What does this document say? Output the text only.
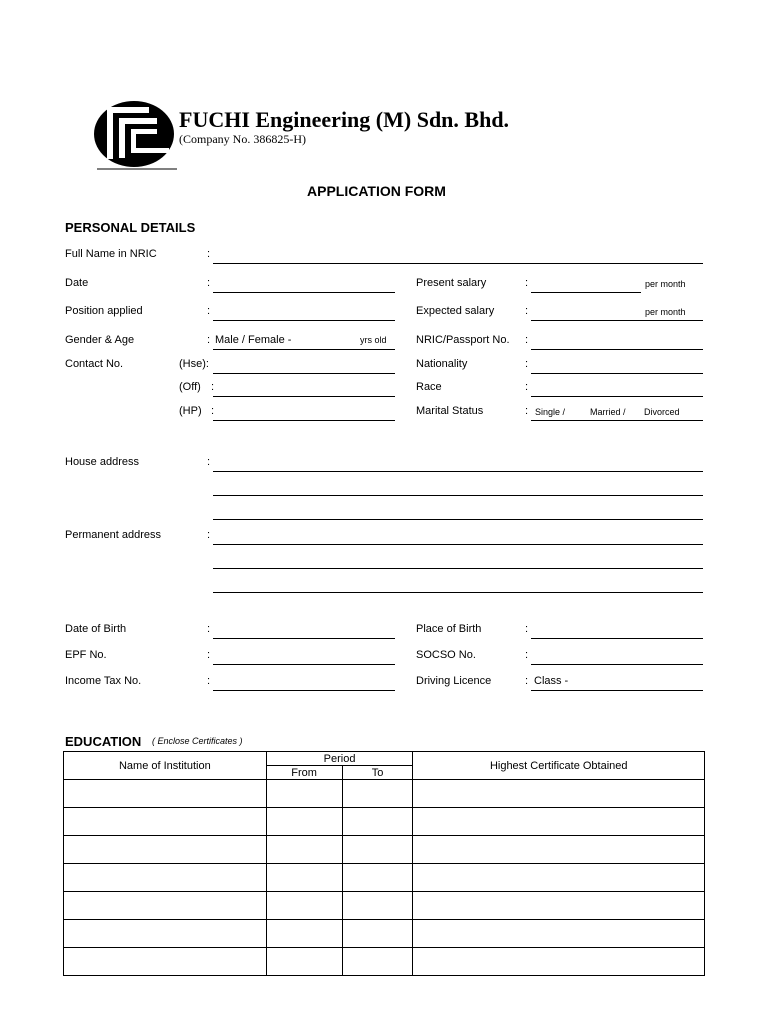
FUCHI Engineering (M) Sdn. Bhd.
(Company No. 386825-H)
APPLICATION FORM
PERSONAL DETAILS
Full Name in NRIC	:
Date	:	Present salary	:	per month
Position applied	:	Expected salary	:	per month
Gender & Age	: Male / Female -	yrs old	NRIC/Passport No. :
Contact No.	(Hse):	Nationality	:
(Off) :	Race	:
(HP) :	Marital Status	: Single /	Married / Divorced
House address	:
Permanent address	:
Date of Birth	:	Place of Birth	:
EPF No.	:	SOCSO No.	:
Income Tax No.	:	Driving Licence	: Class -
EDUCATION ( Enclose Certificates )
Name of Institution	Period		Highest Certificate Obtained
	From	To	
